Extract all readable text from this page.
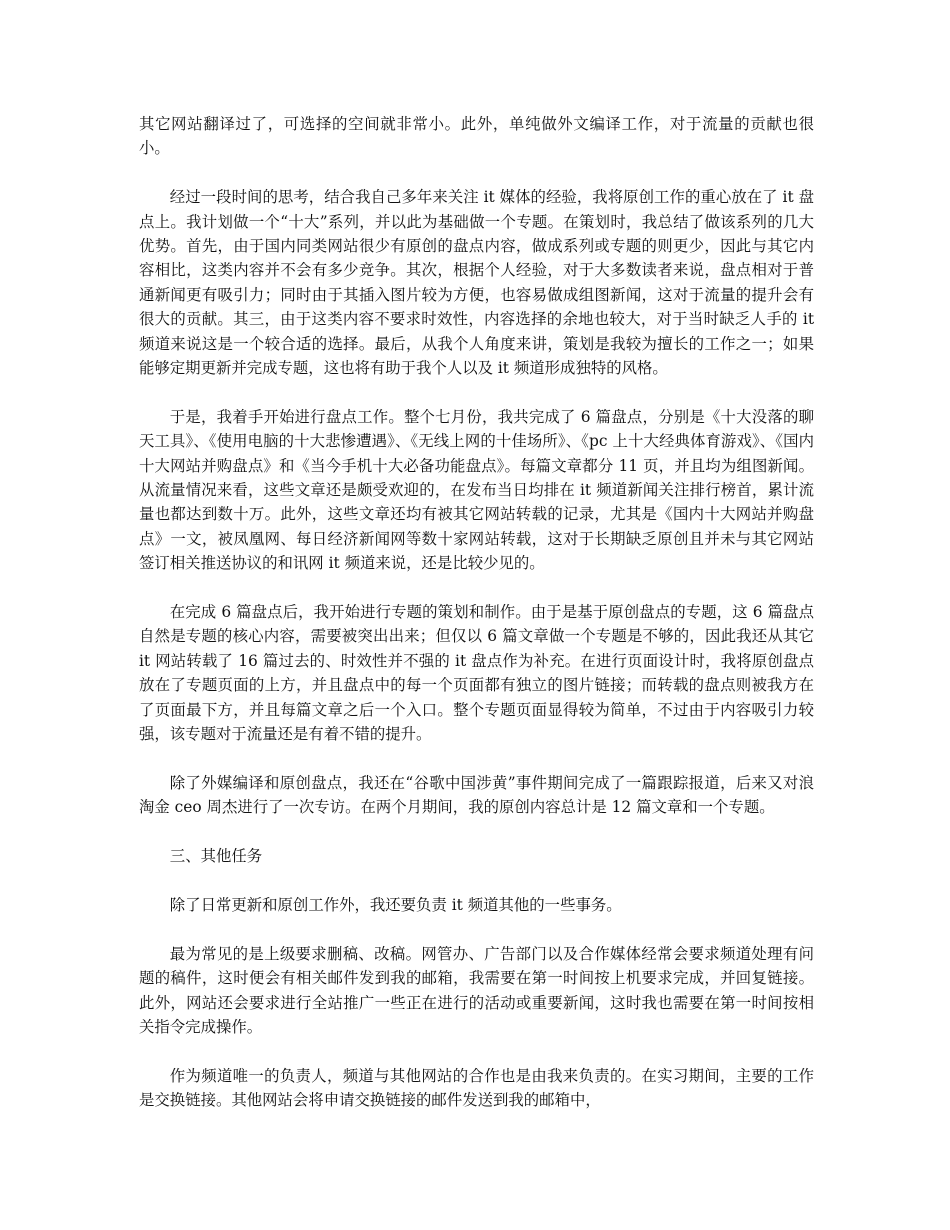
其它网站翻译过了，可选择的空间就非常小。此外，单纯做外文编译工作，对于流量的贡献也很小。

经过一段时间的思考，结合我自己多年来关注 it 媒体的经验，我将原创工作的重心放在了 it 盘点上。我计划做一个“十大”系列，并以此为基础做一个专题。在策划时，我总结了做该系列的几大优势。首先，由于国内同类网站很少有原创的盘点内容，做成系列或专题的则更少，因此与其它内容相比，这类内容并不会有多少竞争。其次，根据个人经验，对于大多数读者来说，盘点相对于普通新闻更有吸引力；同时由于其插入图片较为方便，也容易做成组图新闻，这对于流量的提升会有很大的贡献。其三，由于这类内容不要求时效性，内容选择的余地也较大，对于当时缺乏人手的 it 频道来说这是一个较合适的选择。最后，从我个人角度来讲，策划是我较为擅长的工作之一；如果能够定期更新并完成专题，这也将有助于我个人以及 it 频道形成独特的风格。

于是，我着手开始进行盘点工作。整个七月份，我共完成了 6 篇盘点，分别是《十大没落的聊天工具》、《使用电脑的十大悲惨遭遇》、《无线上网的十佳场所》、《pc 上十大经典体育游戏》、《国内十大网站并购盘点》和《当今手机十大必备功能盘点》。每篇文章都分 11 页，并且均为组图新闻。从流量情况来看，这些文章还是颇受欢迎的，在发布当日均排在 it 频道新闻关注排行榜首，累计流量也都达到数十万。此外，这些文章还均有被其它网站转载的记录，尤其是《国内十大网站并购盘点》一文，被凤凰网、每日经济新闻网等数十家网站转载，这对于长期缺乏原创且并未与其它网站签订相关推送协议的和讯网 it 频道来说，还是比较少见的。

在完成 6 篇盘点后，我开始进行专题的策划和制作。由于是基于原创盘点的专题，这 6 篇盘点自然是专题的核心内容，需要被突出出来；但仅以 6 篇文章做一个专题是不够的，因此我还从其它 it 网站转载了 16 篇过去的、时效性并不强的 it 盘点作为补充。在进行页面设计时，我将原创盘点放在了专题页面的上方，并且盘点中的每一个页面都有独立的图片链接；而转载的盘点则被我方在了页面最下方，并且每篇文章之后一个入口。整个专题页面显得较为简单，不过由于内容吸引力较强，该专题对于流量还是有着不错的提升。

除了外媒编译和原创盘点，我还在“谷歌中国涉黄”事件期间完成了一篇跟踪报道，后来又对浪淘金 ceo 周杰进行了一次专访。在两个月期间，我的原创内容总计是 12 篇文章和一个专题。

三、其他任务

除了日常更新和原创工作外，我还要负责 it 频道其他的一些事务。

最为常见的是上级要求删稿、改稿。网管办、广告部门以及合作媒体经常会要求频道处理有问题的稿件，这时便会有相关邮件发到我的邮箱，我需要在第一时间按上机要求完成，并回复链接。此外，网站还会要求进行全站推广一些正在进行的活动或重要新闻，这时我也需要在第一时间按相关指令完成操作。

作为频道唯一的负责人，频道与其他网站的合作也是由我来负责的。在实习期间，主要的工作是交换链接。其他网站会将申请交换链接的邮件发送到我的邮箱中，
